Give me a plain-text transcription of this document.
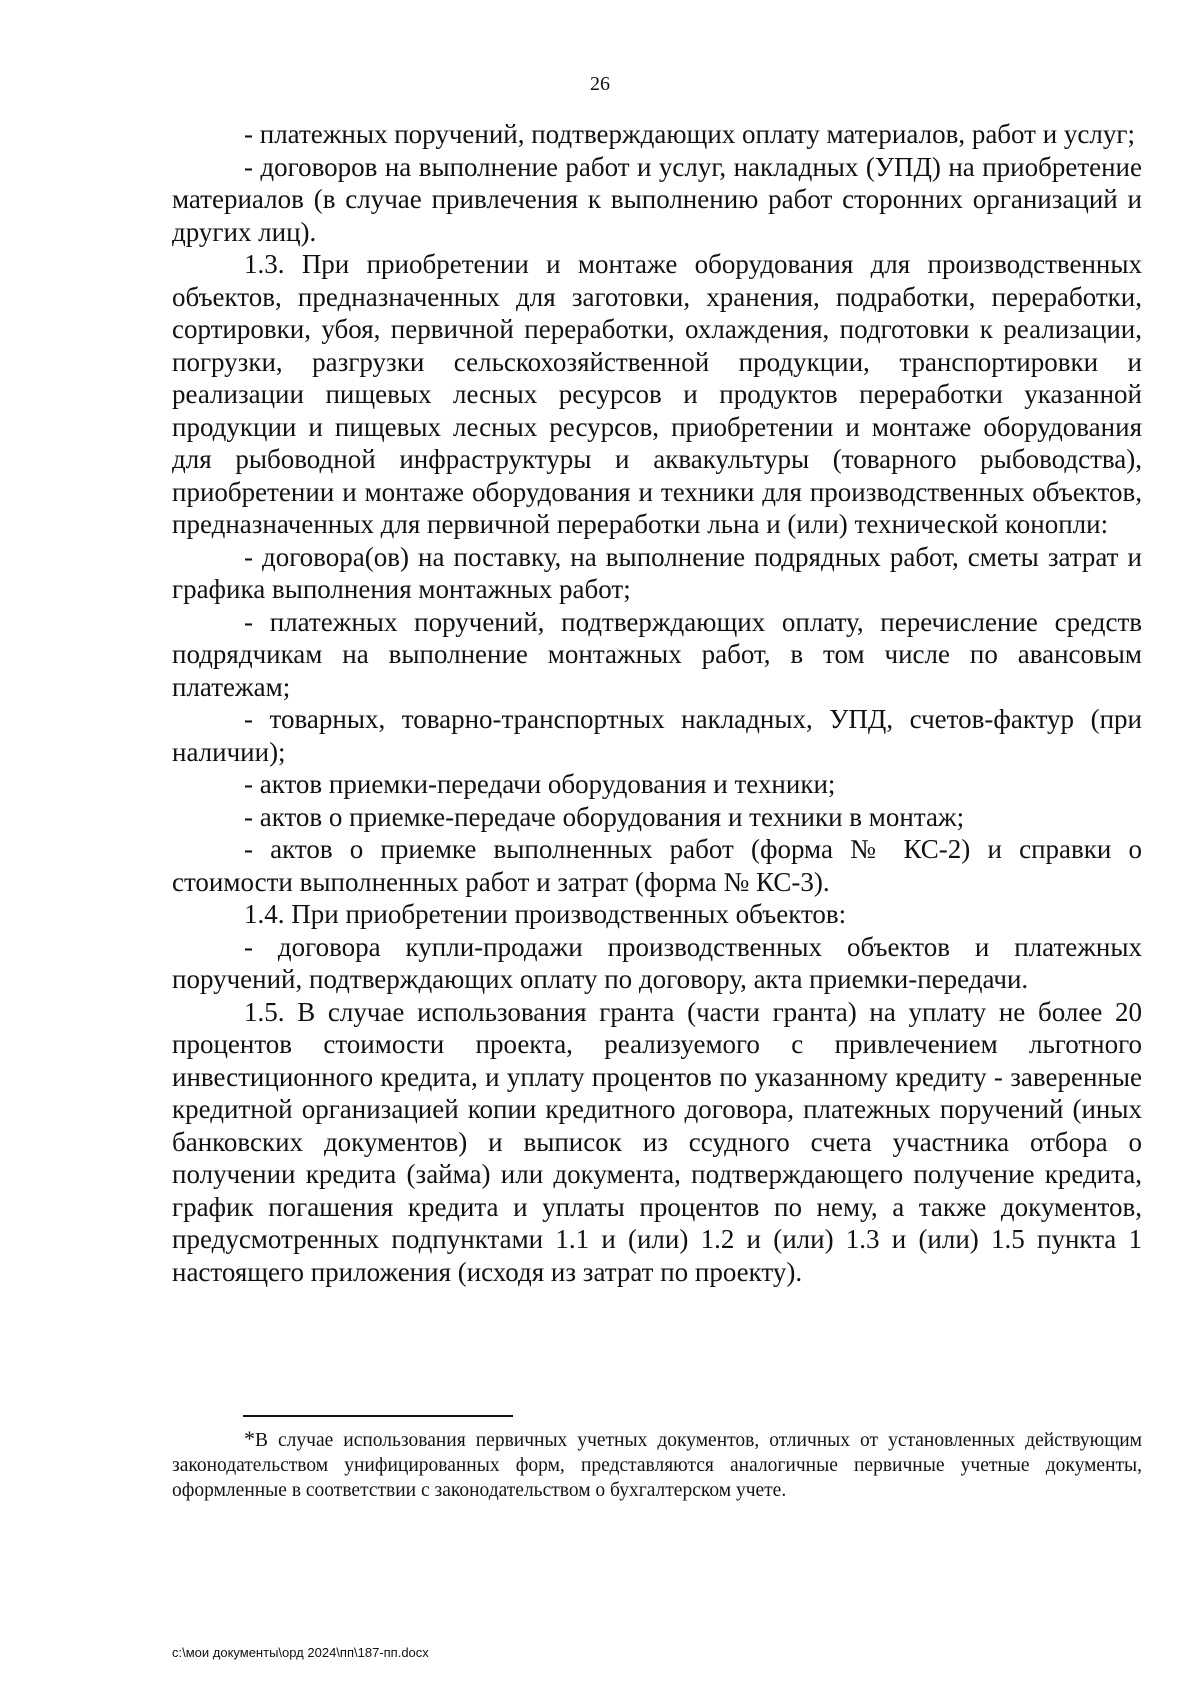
26

- платежных поручений, подтверждающих оплату материалов, работ и услуг;

- договоров на выполнение работ и услуг, накладных (УПД) на приобретение материалов (в случае привлечения к выполнению работ сторонних организаций и других лиц).

1.3. При приобретении и монтаже оборудования для производственных объектов, предназначенных для заготовки, хранения, подработки, переработки, сортировки, убоя, первичной переработки, охлаждения, подготовки к реализации, погрузки, разгрузки сельскохозяйственной продукции, транспортировки и реализации пищевых лесных ресурсов и продуктов переработки указанной продукции и пищевых лесных ресурсов, приобретении и монтаже оборудования для рыбоводной инфраструктуры и аквакультуры (товарного рыбоводства), приобретении и монтаже оборудования и техники для производственных объектов, предназначенных для первичной переработки льна и (или) технической конопли:

- договора(ов) на поставку, на выполнение подрядных работ, сметы затрат и графика выполнения монтажных работ;

- платежных поручений, подтверждающих оплату, перечисление средств подрядчикам на выполнение монтажных работ, в том числе по авансовым платежам;

- товарных, товарно-транспортных накладных, УПД, счетов-фактур (при наличии);

- актов приемки-передачи оборудования и техники;

- актов о приемке-передаче оборудования и техники в монтаж;

- актов о приемке выполненных работ (форма № КС-2) и справки о стоимости выполненных работ и затрат (форма № КС-3).

1.4. При приобретении производственных объектов:

- договора купли-продажи производственных объектов и платежных поручений, подтверждающих оплату по договору, акта приемки-передачи.

1.5. В случае использования гранта (части гранта) на уплату не более 20 процентов стоимости проекта, реализуемого с привлечением льготного инвестиционного кредита, и уплату процентов по указанному кредиту - заверенные кредитной организацией копии кредитного договора, платежных поручений (иных банковских документов) и выписок из ссудного счета участника отбора о получении кредита (займа) или документа, подтверждающего получение кредита, график погашения кредита и уплаты процентов по нему, а также документов, предусмотренных подпунктами 1.1 и (или) 1.2 и (или) 1.3 и (или) 1.5 пункта 1 настоящего приложения (исходя из затрат по проекту).

*В случае использования первичных учетных документов, отличных от установленных действующим законодательством унифицированных форм, представляются аналогичные первичные учетные документы, оформленные в соответствии с законодательством о бухгалтерском учете.

c:\мои документы\орд 2024\пп\187-пп.docx
